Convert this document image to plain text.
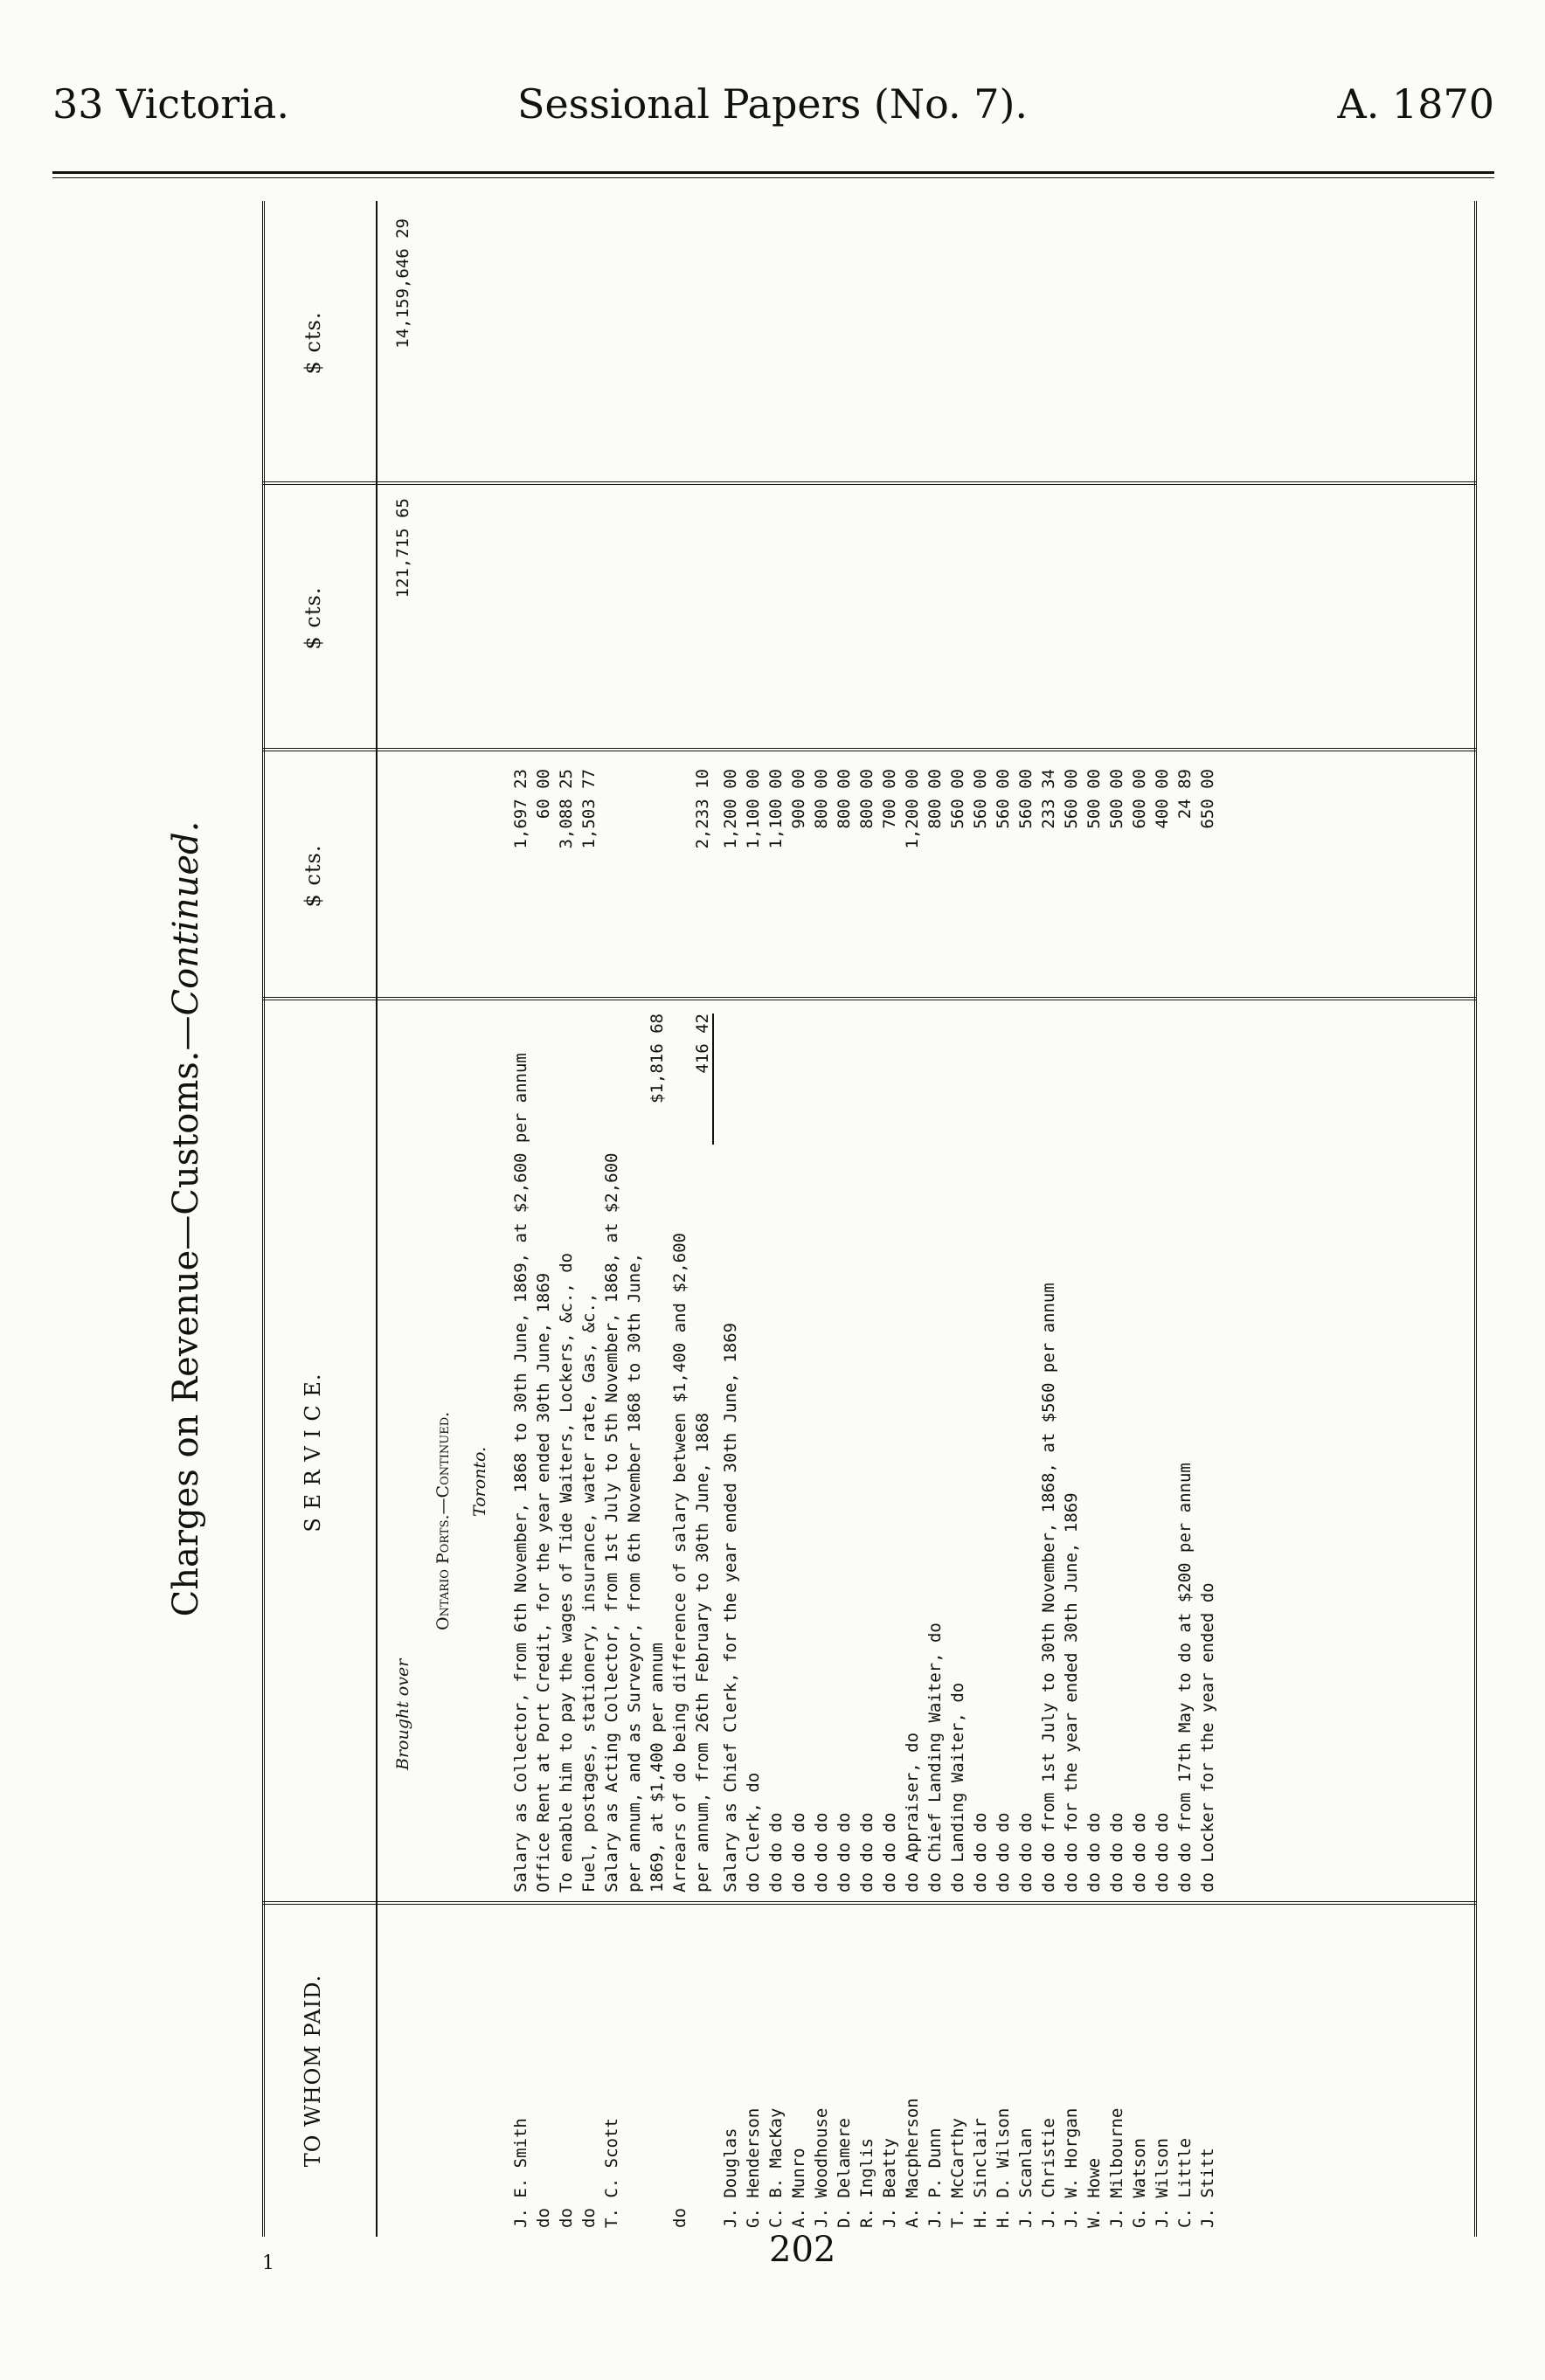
33 Victoria.	Sessional Papers (No. 7).	A. 1870
Charges on Revenue—Customs.—Continued.
TO WHOM PAID.
S E R V I C E.
$ cts.
$ cts.
$ cts.
Brought over
121,715 65
14,159,646 29
Ontario Ports.—Continued. Toronto.
J. E. Smith
Salary as Collector, from 6th November, 1868 to 30th June, 1869, at $2,600 per annum
1,697 23
do
Office Rent at Port Credit, for the year ended 30th June, 1869
60 00
do
To enable him to pay the wages of Tide Waiters, Lockers, &c., do
3,088 25
do
Fuel, postages, stationery, insurance, water rate, Gas, &c.,
1,503 77
T. C. Scott
Salary as Acting Collector, from 1st July to 5th November, 1868, at $2,600 per annum, and as Surveyor, from 6th November 1868 to 30th June, 1869, at $1,400 per annum
$1,816 68
do
Arrears of do being difference of salary between $1,400 and $2,600 per annum, from 26th February to 30th June, 1868
416 42
2,233 10
J. Douglas
Salary as Chief Clerk, for the year ended 30th June, 1869
1,200 00
G. Henderson
do Clerk, do
1,100 00
C. B. MacKay
do do do
1,100 00
A. Munro
do do do
900 00
J. Woodhouse
do do do
800 00
D. Delamere
do do do
800 00
R. Inglis
do do do
800 00
J. Beatty
do do do
700 00
A. Macpherson
do Appraiser, do
1,200 00
J. P. Dunn
do Chief Landing Waiter, do
800 00
T. McCarthy
do Landing Waiter, do
560 00
H. Sinclair
do do do
560 00
H. D. Wilson
do do do
560 00
J. Scanlan
do do do
560 00
J. Christie
do do from 1st July to 30th November, 1868, at $560 per annum
233 34
J. W. Horgan
do do for the year ended 30th June, 1869
560 00
W. Howe
do do do
500 00
J. Milbourne
do do do
500 00
G. Watson
do do do
600 00
J. Wilson
do do do
400 00
C. Little
do do from 17th May to do at $200 per annum
24 89
J. Stitt
do Locker for the year ended do
650 00
202
1
